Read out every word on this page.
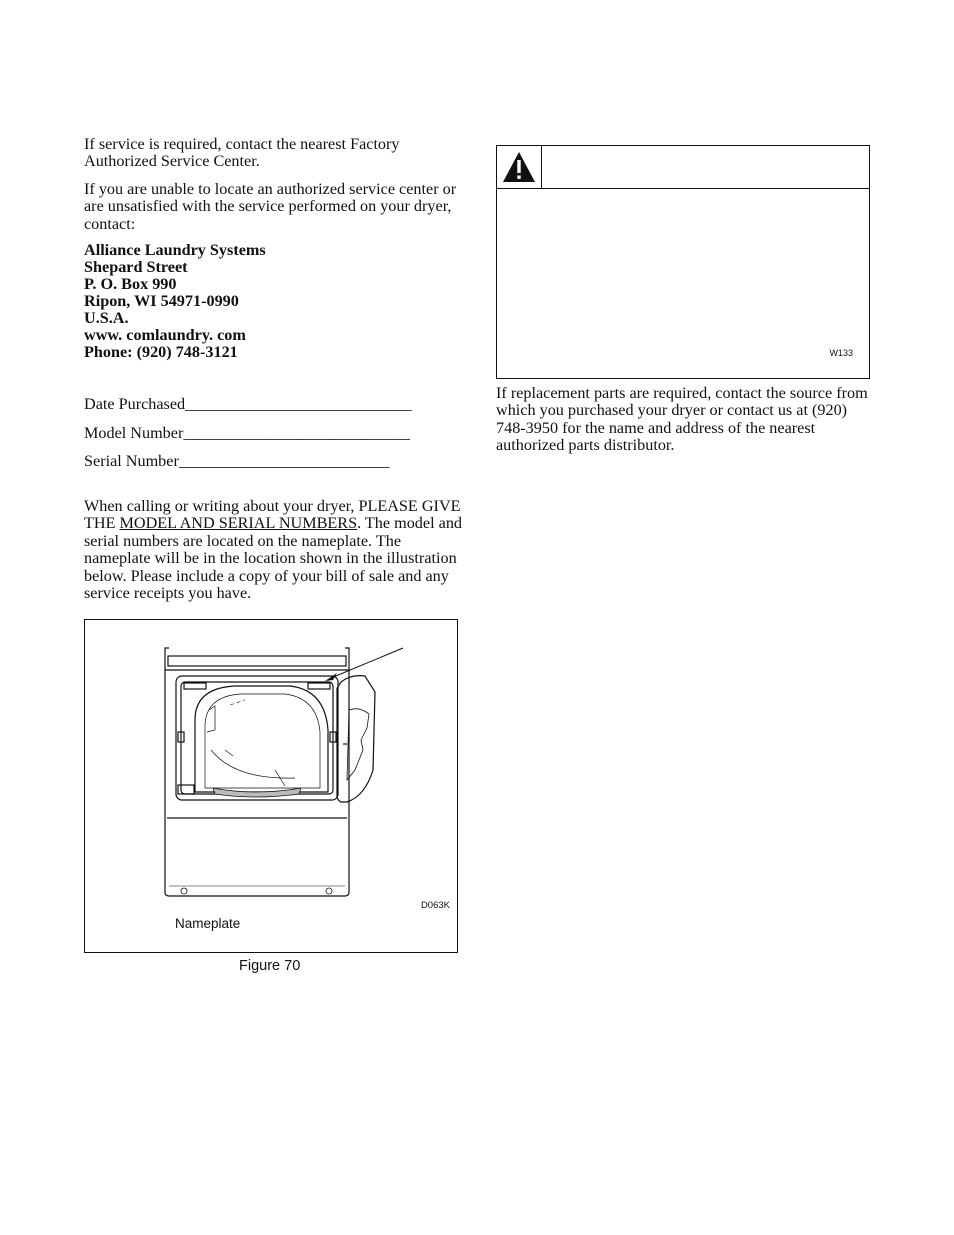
If service is required, contact the nearest Factory Authorized Service Center.

If you are unable to locate an authorized service center or are unsatisfied with the service performed on your dryer, contact:

Alliance Laundry Systems
Shepard Street
P. O. Box 990
Ripon, WI 54971-0990
U.S.A.
www. comlaundry. com
Phone: (920) 748-3121
Date Purchased____________________________
Model Number____________________________
Serial Number__________________________

When calling or writing about your dryer, PLEASE GIVE THE MODEL AND SERIAL NUMBERS. The model and serial numbers are located on the nameplate. The nameplate will be in the location shown in the illustration below. Please include a copy of your bill of sale and any service receipts you have.

Nameplate
D063K
Figure 70
W133

If replacement parts are required, contact the source from which you purchased your dryer or contact us at (920) 748-3950 for the name and address of the nearest authorized parts distributor.
